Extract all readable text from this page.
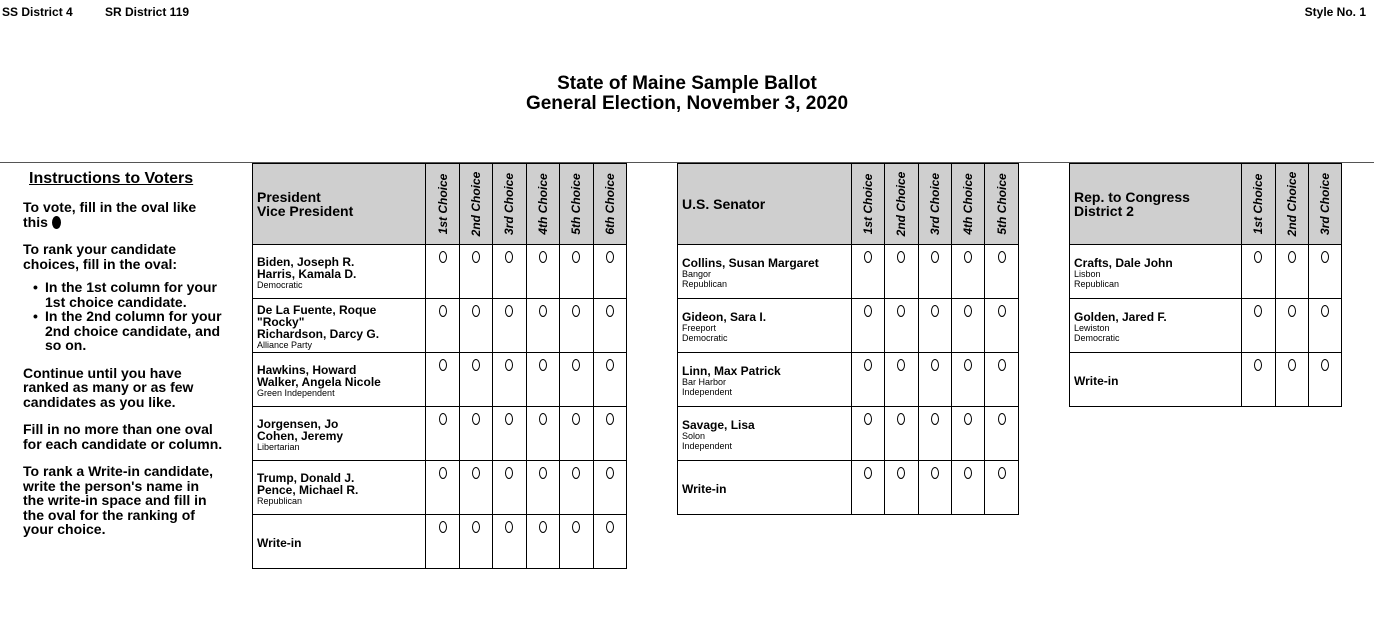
SS District 4	SR District 119	Style No. 1
State of Maine Sample Ballot
General Election, November 3, 2020
Instructions to Voters

To vote, fill in the oval like this

To rank your candidate choices, fill in the oval:

• In the 1st column for your 1st choice candidate.
• In the 2nd column for your 2nd choice candidate, and so on.

Continue until you have ranked as many or as few candidates as you like.

Fill in no more than one oval for each candidate or column.

To rank a Write-in candidate, write the person's name in the write-in space and fill in the oval for the ranking of your choice.

President
Vice President	1st Choice	2nd Choice	3rd Choice	4th Choice	5th Choice	6th Choice

Biden, Joseph R.
Harris, Kamala D.
Democratic						

De La Fuente, Roque "Rocky"
Richardson, Darcy G.
Alliance Party						

Hawkins, Howard
Walker, Angela Nicole
Green Independent						

Jorgensen, Jo
Cohen, Jeremy
Libertarian						

Trump, Donald J.
Pence, Michael R.
Republican						

Write-in						

U.S. Senator	1st Choice	2nd Choice	3rd Choice	4th Choice	5th Choice

Collins, Susan Margaret
Bangor
Republican					

Gideon, Sara I.
Freeport
Democratic					

Linn, Max Patrick
Bar Harbor
Independent					

Savage, Lisa
Solon
Independent					

Write-in					

Rep. to Congress
District 2	1st Choice	2nd Choice	3rd Choice

Crafts, Dale John
Lisbon
Republican			

Golden, Jared F.
Lewiston
Democratic			

Write-in			
